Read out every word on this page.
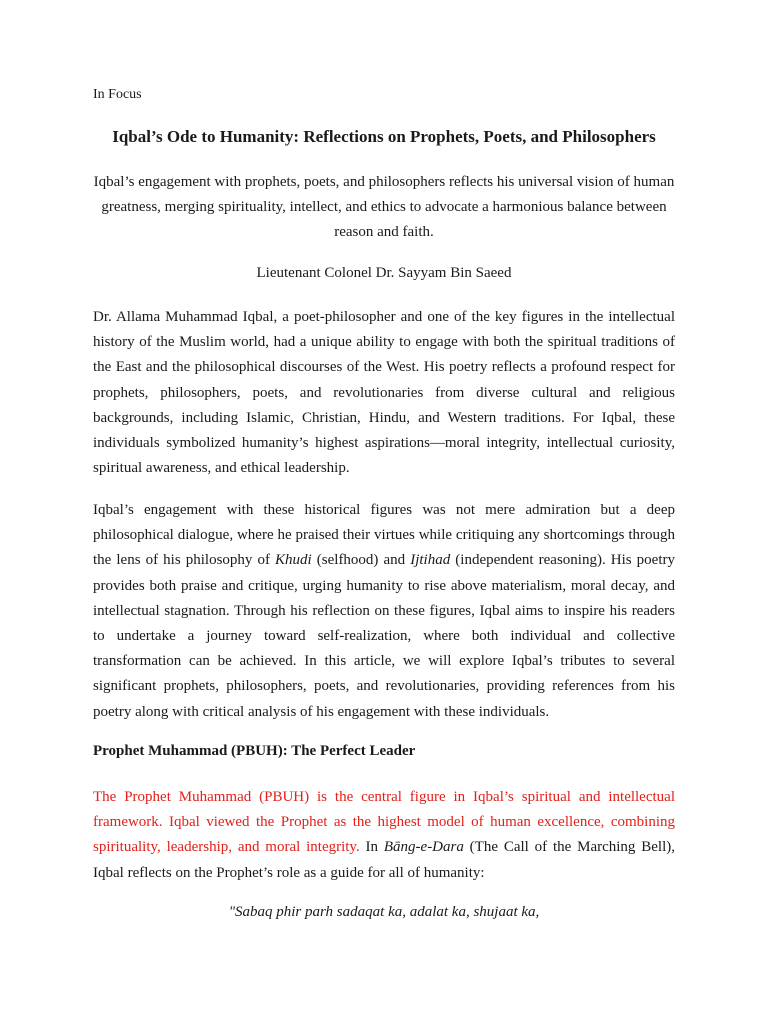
In Focus
Iqbal’s Ode to Humanity: Reflections on Prophets, Poets, and Philosophers

Iqbal’s engagement with prophets, poets, and philosophers reflects his universal vision of human greatness, merging spirituality, intellect, and ethics to advocate a harmonious balance between reason and faith.

Lieutenant Colonel Dr. Sayyam Bin Saeed

Dr. Allama Muhammad Iqbal, a poet-philosopher and one of the key figures in the intellectual history of the Muslim world, had a unique ability to engage with both the spiritual traditions of the East and the philosophical discourses of the West. His poetry reflects a profound respect for prophets, philosophers, poets, and revolutionaries from diverse cultural and religious backgrounds, including Islamic, Christian, Hindu, and Western traditions. For Iqbal, these individuals symbolized humanity’s highest aspirations—moral integrity, intellectual curiosity, spiritual awareness, and ethical leadership.

Iqbal’s engagement with these historical figures was not mere admiration but a deep philosophical dialogue, where he praised their virtues while critiquing any shortcomings through the lens of his philosophy of Khudi (selfhood) and Ijtihad (independent reasoning). His poetry provides both praise and critique, urging humanity to rise above materialism, moral decay, and intellectual stagnation. Through his reflection on these figures, Iqbal aims to inspire his readers to undertake a journey toward self-realization, where both individual and collective transformation can be achieved. In this article, we will explore Iqbal’s tributes to several significant prophets, philosophers, poets, and revolutionaries, providing references from his poetry along with critical analysis of his engagement with these individuals.

Prophet Muhammad (PBUH): The Perfect Leader

The Prophet Muhammad (PBUH) is the central figure in Iqbal’s spiritual and intellectual framework. Iqbal viewed the Prophet as the highest model of human excellence, combining spirituality, leadership, and moral integrity. In Bāng-e-Dara (The Call of the Marching Bell), Iqbal reflects on the Prophet’s role as a guide for all of humanity:

"Sabaq phir parh sadaqat ka, adalat ka, shujaat ka,
